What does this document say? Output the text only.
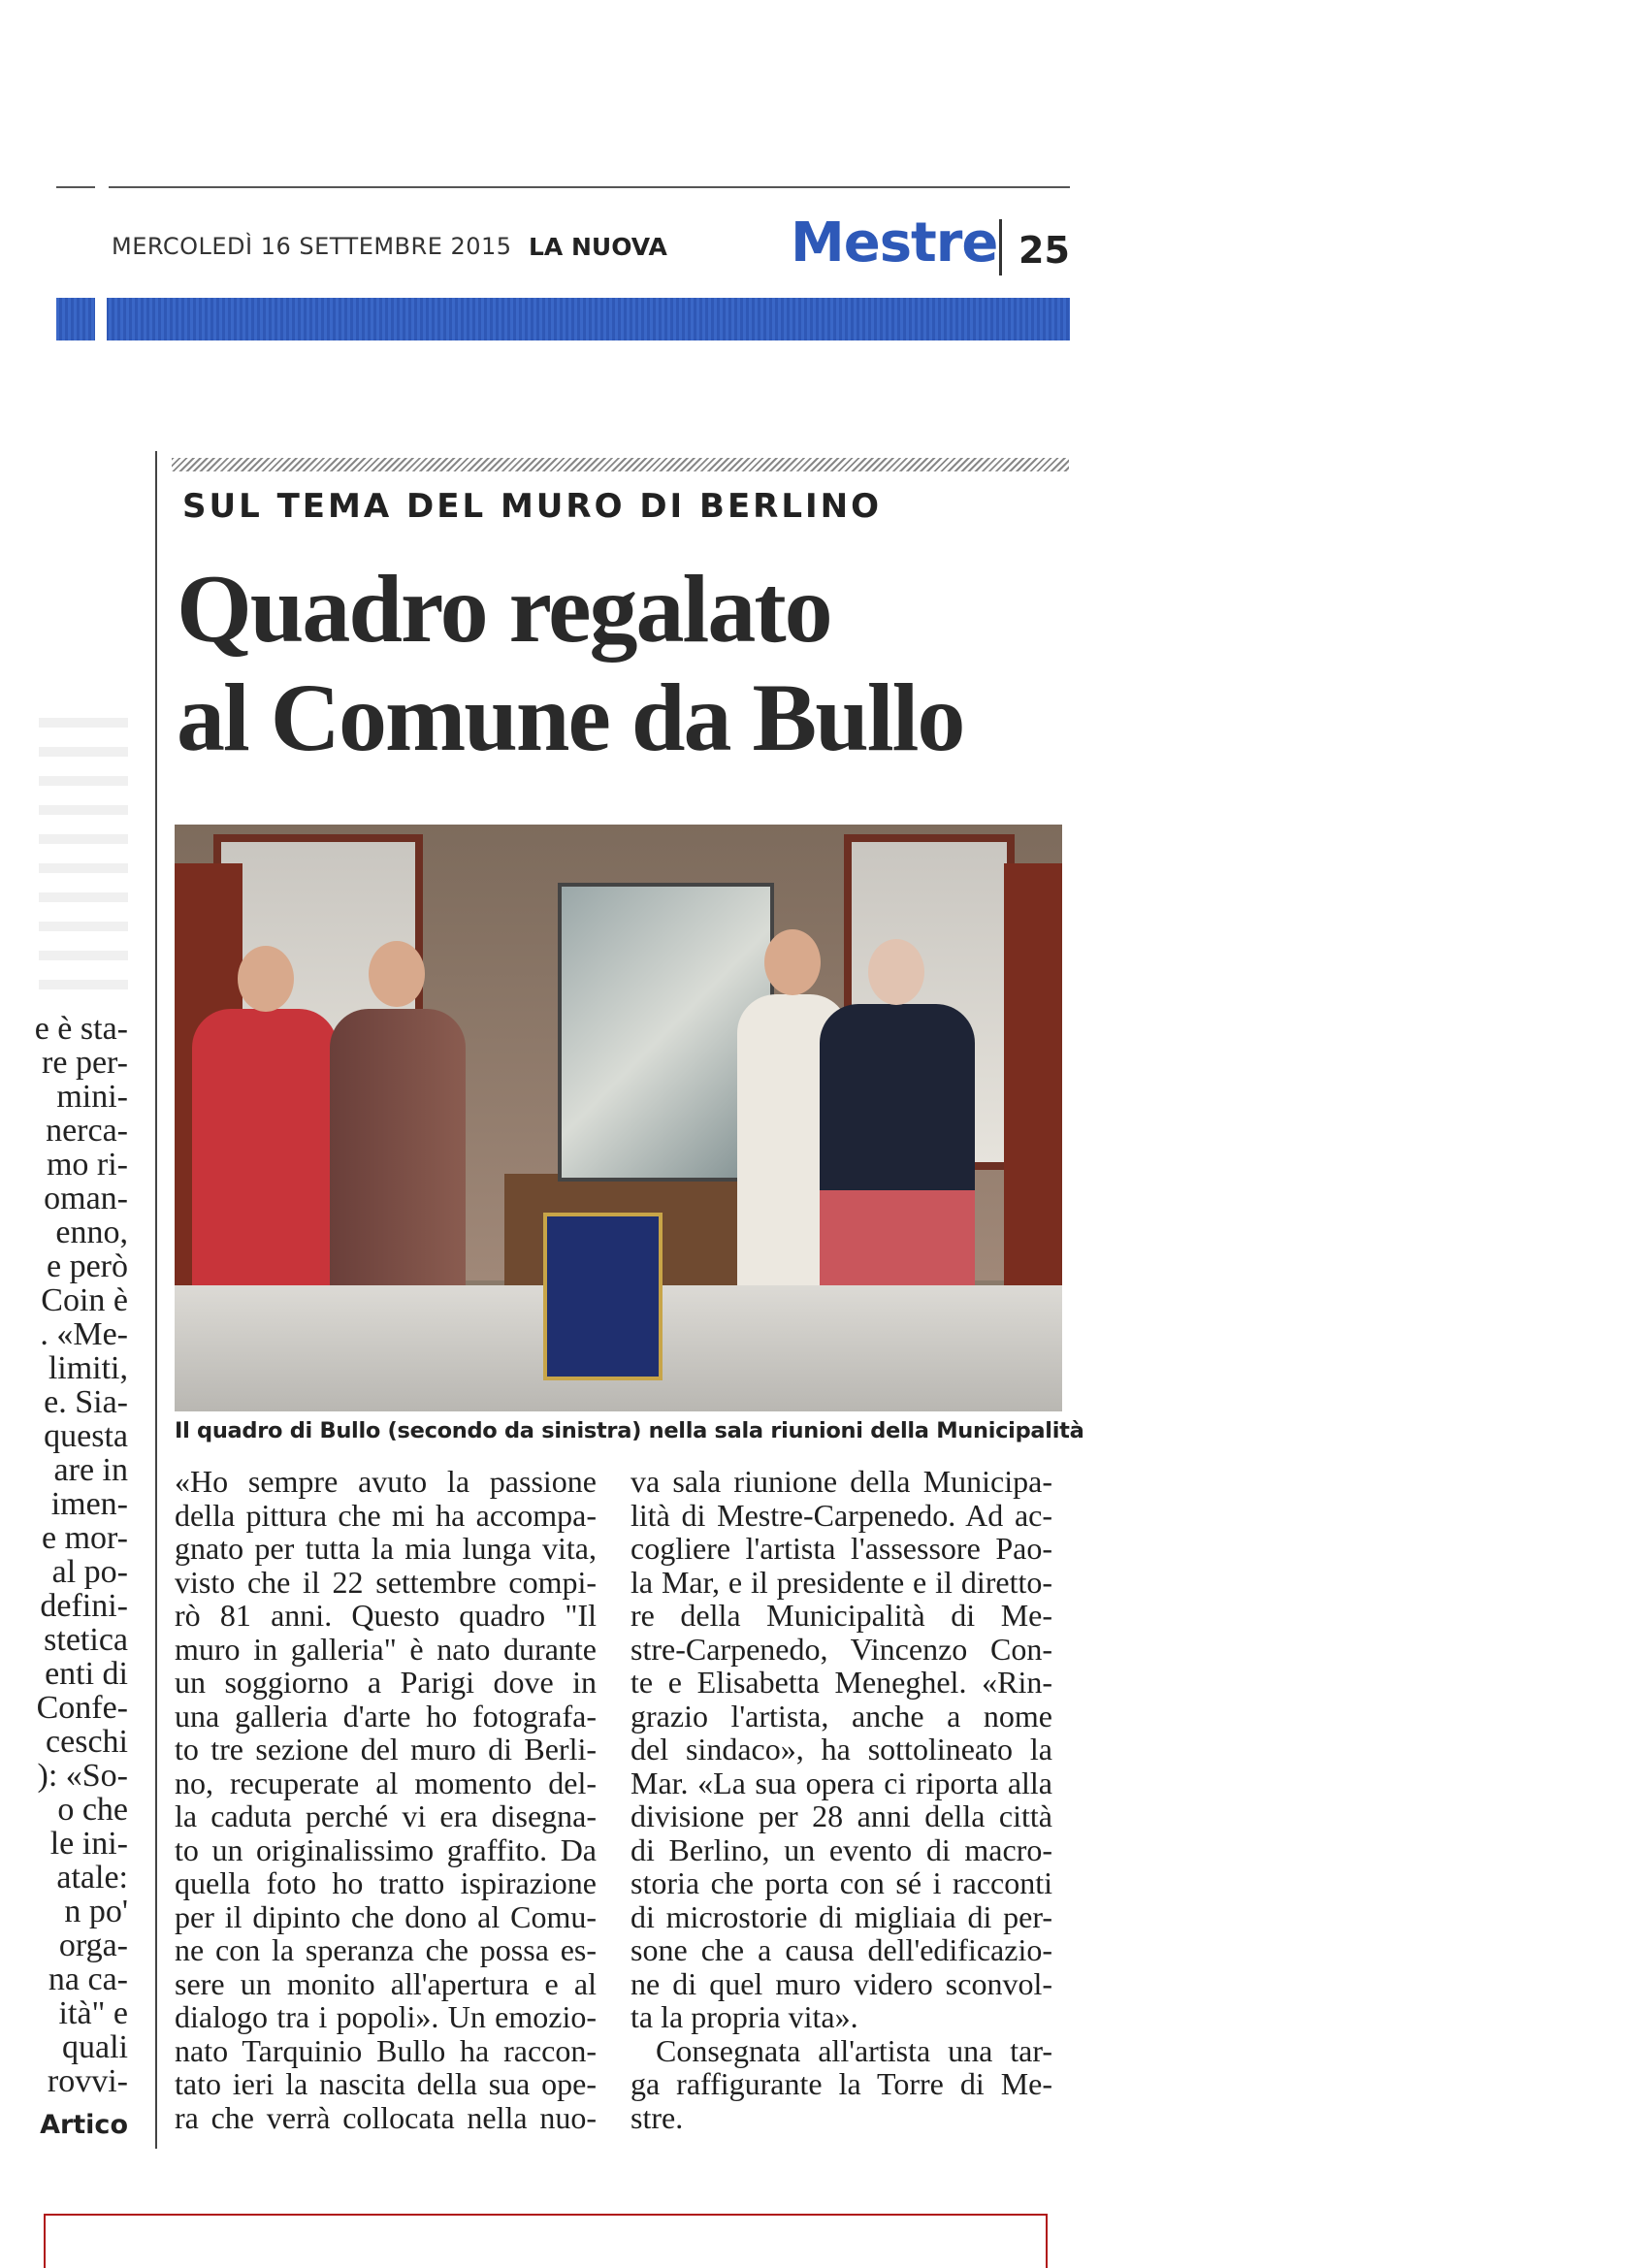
MERCOLEDÌ 16 SETTEMBRE 2015 LA NUOVA Mestre 25
e è sta-
re per-
mini-
nerca-
mo ri-
oman-
enno,
e però
Coin è
. «Me-
limiti,
e. Sia-
questa
are in
imen-
e mor-
al po-
defini-
stetica
enti di
Confe-
ceschi
): «So-
o che
le ini-
atale:
n po'
orga-
na ca-
ità" e
quali
rovvi-
Artico
SUL TEMA DEL MURO DI BERLINO
Quadro regalato
al Comune da Bullo
Il quadro di Bullo (secondo da sinistra) nella sala riunioni della Municipalità
«Ho sempre avuto la passione
della pittura che mi ha accompa-
gnato per tutta la mia lunga vita,
visto che il 22 settembre compi-
rò 81 anni. Questo quadro "Il
muro in galleria" è nato durante
un soggiorno a Parigi dove in
una galleria d'arte ho fotografa-
to tre sezione del muro di Berli-
no, recuperate al momento del-
la caduta perché vi era disegna-
to un originalissimo graffito. Da
quella foto ho tratto ispirazione
per il dipinto che dono al Comu-
ne con la speranza che possa es-
sere un monito all'apertura e al
dialogo tra i popoli». Un emozio-
nato Tarquinio Bullo ha raccon-
tato ieri la nascita della sua ope-
ra che verrà collocata nella nuo-
va sala riunione della Municipa-
lità di Mestre-Carpenedo. Ad ac-
cogliere l'artista l'assessore Pao-
la Mar, e il presidente e il diretto-
re della Municipalità di Me-
stre-Carpenedo, Vincenzo Con-
te e Elisabetta Meneghel. «Rin-
grazio l'artista, anche a nome
del sindaco», ha sottolineato la
Mar. «La sua opera ci riporta alla
divisione per 28 anni della città
di Berlino, un evento di macro-
storia che porta con sé i racconti
di microstorie di migliaia di per-
sone che a causa dell'edificazio-
ne di quel muro videro sconvol-
ta la propria vita».
Consegnata all'artista una tar-
ga raffigurante la Torre di Me-
stre.
